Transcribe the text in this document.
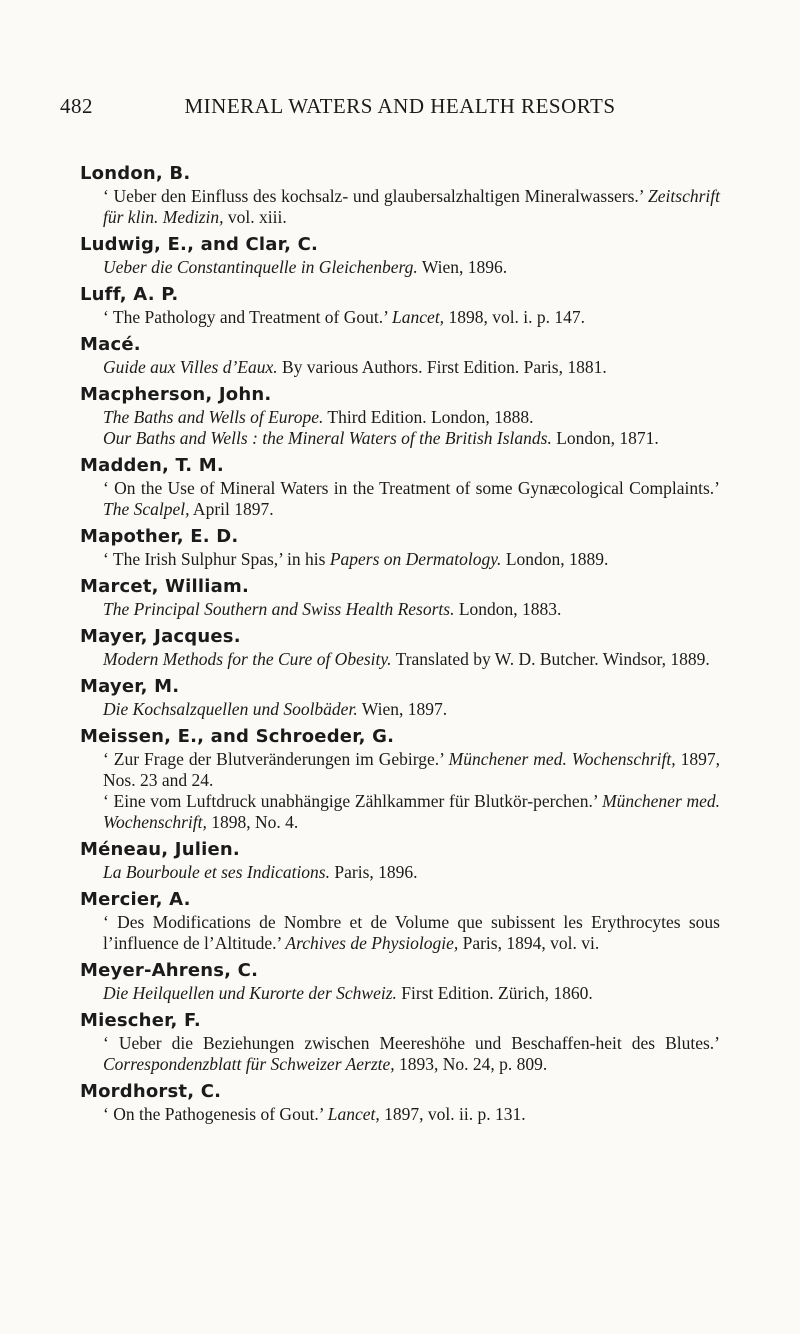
482	MINERAL WATERS AND HEALTH RESORTS
London, B.
‘ Ueber den Einfluss des kochsalz- und glaubersalzhaltigen Mineralwassers.’ Zeitschrift für klin. Medizin, vol. xiii.
Ludwig, E., and Clar, C.
Ueber die Constantinquelle in Gleichenberg. Wien, 1896.
Luff, A. P.
‘ The Pathology and Treatment of Gout.’ Lancet, 1898, vol. i. p. 147.
Macé.
Guide aux Villes d’Eaux. By various Authors. First Edition. Paris, 1881.
Macpherson, John.
The Baths and Wells of Europe. Third Edition. London, 1888.
Our Baths and Wells : the Mineral Waters of the British Islands. London, 1871.
Madden, T. M.
‘ On the Use of Mineral Waters in the Treatment of some Gynæcological Complaints.’ The Scalpel, April 1897.
Mapother, E. D.
‘ The Irish Sulphur Spas,’ in his Papers on Dermatology. London, 1889.
Marcet, William.
The Principal Southern and Swiss Health Resorts. London, 1883.
Mayer, Jacques.
Modern Methods for the Cure of Obesity. Translated by W. D. Butcher. Windsor, 1889.
Mayer, M.
Die Kochsalzquellen und Soolbäder. Wien, 1897.
Meissen, E., and Schroeder, G.
‘ Zur Frage der Blutveränderungen im Gebirge.’ Münchener med. Wochenschrift, 1897, Nos. 23 and 24.
‘ Eine vom Luftdruck unabhängige Zählkammer für Blutkör-perchen.’ Münchener med. Wochenschrift, 1898, No. 4.
Méneau, Julien.
La Bourboule et ses Indications. Paris, 1896.
Mercier, A.
‘ Des Modifications de Nombre et de Volume que subissent les Erythrocytes sous l’influence de l’Altitude.’ Archives de Physiologie, Paris, 1894, vol. vi.
Meyer-Ahrens, C.
Die Heilquellen und Kurorte der Schweiz. First Edition. Zürich, 1860.
Miescher, F.
‘ Ueber die Beziehungen zwischen Meereshöhe und Beschaffen-heit des Blutes.’ Correspondenzblatt für Schweizer Aerzte, 1893, No. 24, p. 809.
Mordhorst, C.
‘ On the Pathogenesis of Gout.’ Lancet, 1897, vol. ii. p. 131.
